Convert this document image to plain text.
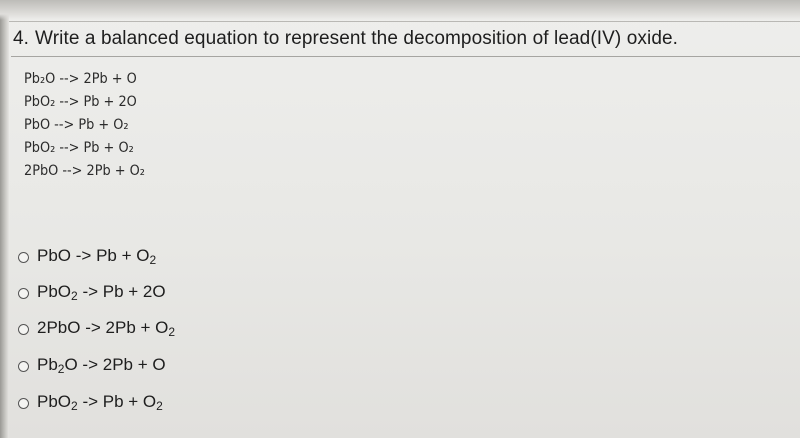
4. Write a balanced equation to represent the decomposition of lead(IV) oxide.
Pb₂O --> 2Pb + O
PbO₂ --> Pb + 2O
PbO --> Pb + O₂
PbO₂ --> Pb + O₂
2PbO --> 2Pb + O₂
PbO -> $Pb + O_2$
PbO$_2$ -> Pb + 2O
$2PbO -> 2Pb + O_2$
$Pb_2O -> 2Pb + O$
$PbO_2 -> Pb + O_2$
